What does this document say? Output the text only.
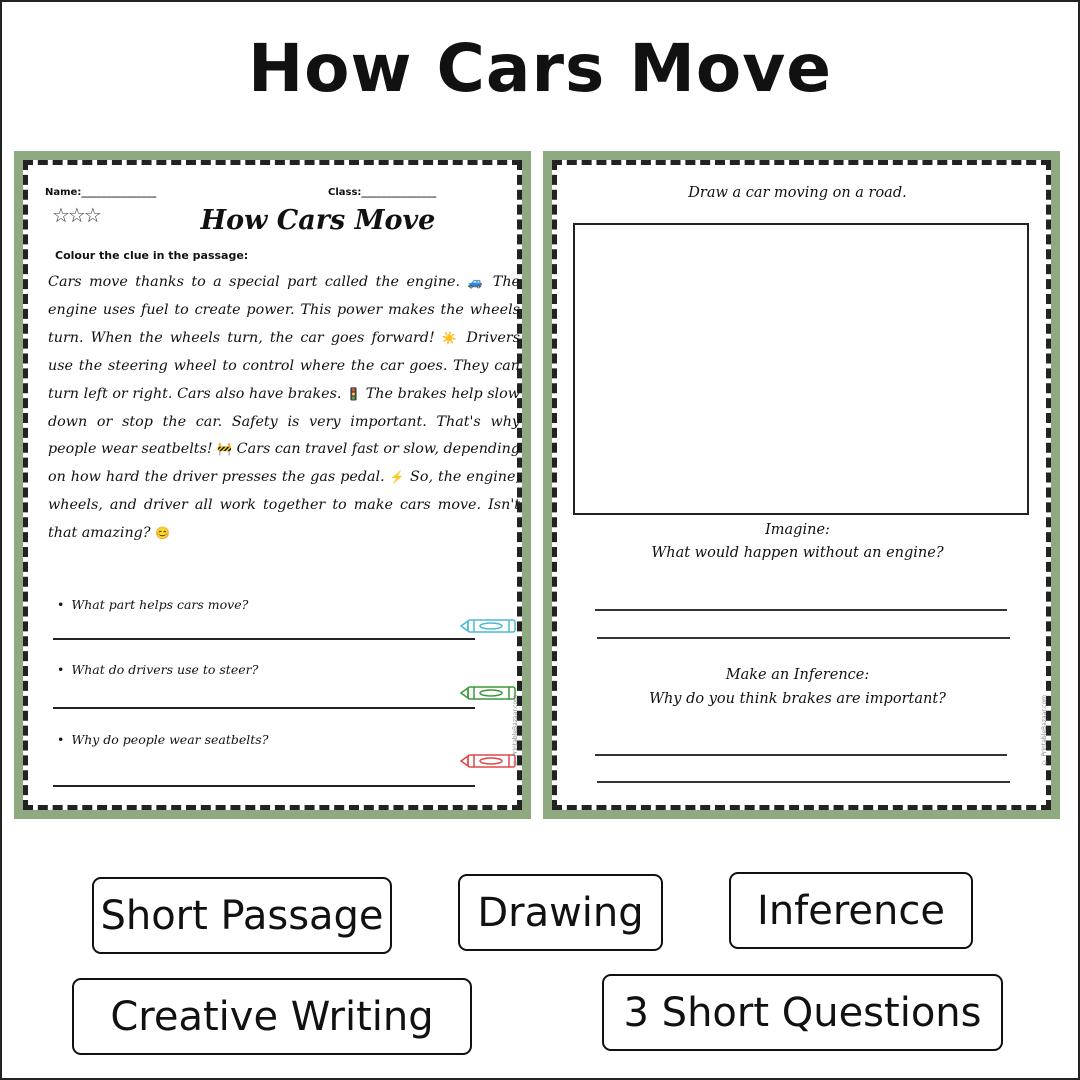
How Cars Move
Name:_______________	Class:_______________
☆☆☆	How Cars Move
Colour the clue in the passage:
Cars move thanks to a special part called the engine. 🚙 The engine uses fuel to create power. This power makes the wheels turn. When the wheels turn, the car goes forward! ☀️ Drivers use the steering wheel to control where the car goes. They can turn left or right. Cars also have brakes. 🚦 The brakes help slow down or stop the car. Safety is very important. That's why people wear seatbelts! 🚧 Cars can travel fast or slow, depending on how hard the driver presses the gas pedal. ⚡ So, the engine, wheels, and driver all work together to make cars move. Isn't that amazing? 😊
• What part helps cars move?
• What do drivers use to steer?
• Why do people wear seatbelts?	© PrintableBazaar.com
Draw a car moving on a road.
Imagine:
What would happen without an engine?
Make an Inference:
Why do you think brakes are important?	© PrintableBazaar.com
Short Passage	Drawing	Inference
Creative Writing	3 Short Questions
